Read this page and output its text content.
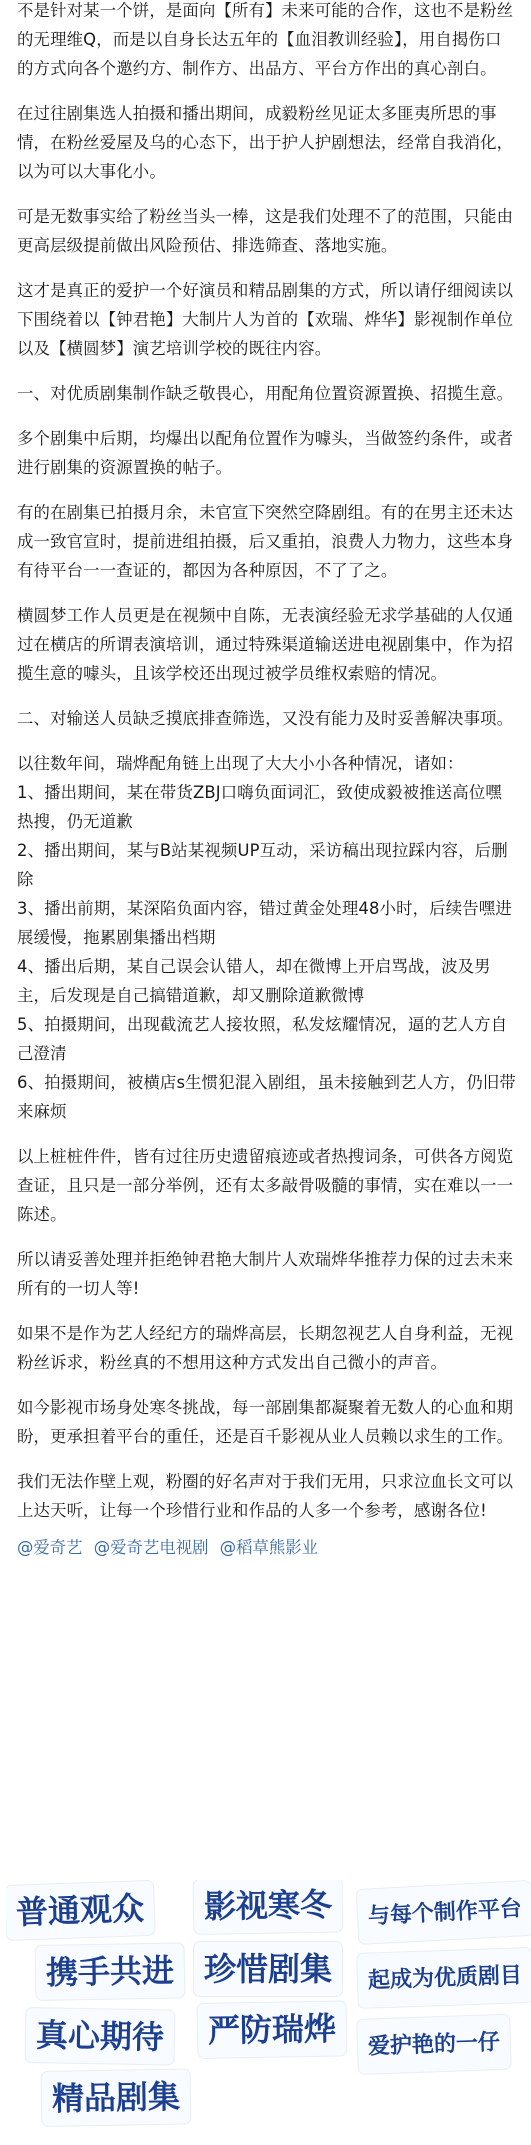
不是针对某一个饼，是面向【所有】未来可能的合作，这也不是粉丝的无理维Q，而是以自身长达五年的【血泪教训经验】，用自揭伤口的方式向各个邀约方、制作方、出品方、平台方作出的真心剖白。

在过往剧集选人拍摄和播出期间，成毅粉丝见证太多匪夷所思的事情，在粉丝爱屋及乌的心态下，出于护人护剧想法，经常自我消化，以为可以大事化小。

可是无数事实给了粉丝当头一棒，这是我们处理不了的范围，只能由更高层级提前做出风险预估、排选筛查、落地实施。

这才是真正的爱护一个好演员和精品剧集的方式，所以请仔细阅读以下围绕着以【钟君艳】大制片人为首的【欢瑞、烨华】影视制作单位以及【横圆梦】演艺培训学校的既往内容。

一、对优质剧集制作缺乏敬畏心，用配角位置资源置换、招揽生意。

多个剧集中后期，均爆出以配角位置作为噱头，当做签约条件，或者进行剧集的资源置换的帖子。

有的在剧集已拍摄月余，未官宣下突然空降剧组。有的在男主还未达成一致官宣时，提前进组拍摄，后又重拍，浪费人力物力，这些本身有待平台一一查证的，都因为各种原因，不了了之。

横圆梦工作人员更是在视频中自陈，无表演经验无求学基础的人仅通过在横店的所谓表演培训，通过特殊渠道输送进电视剧集中，作为招揽生意的噱头，且该学校还出现过被学员维权索赔的情况。

二、对输送人员缺乏摸底排查筛选，又没有能力及时妥善解决事项。

以往数年间，瑞烨配角链上出现了大大小小各种情况，诸如：
1、播出期间，某在带货ZBJ口嗨负面词汇，致使成毅被推送高位嘿热搜，仍无道歉
2、播出期间，某与B站某视频UP互动，采访稿出现拉踩内容，后删除
3、播出前期，某深陷负面内容，错过黄金处理48小时，后续告嘿进展缓慢，拖累剧集播出档期
4、播出后期，某自己误会认错人，却在微博上开启骂战，波及男主，后发现是自己搞错道歉，却又删除道歉微博
5、拍摄期间，出现截流艺人接妆照，私发炫耀情况，逼的艺人方自己澄清
6、拍摄期间，被横店s生惯犯混入剧组，虽未接触到艺人方，仍旧带来麻烦

以上桩桩件件，皆有过往历史遗留痕迹或者热搜词条，可供各方阅览查证，且只是一部分举例，还有太多敲骨吸髓的事情，实在难以一一陈述。

所以请妥善处理并拒绝钟君艳大制片人欢瑞烨华推荐力保的过去未来所有的一切人等!

如果不是作为艺人经纪方的瑞烨高层，长期忽视艺人自身利益，无视粉丝诉求，粉丝真的不想用这种方式发出自己微小的声音。

如今影视市场身处寒冬挑战，每一部剧集都凝聚着无数人的心血和期盼，更承担着平台的重任，还是百千影视从业人员赖以求生的工作。

我们无法作壁上观，粉圈的好名声对于我们无用，只求泣血长文可以上达天听，让每一个珍惜行业和作品的人多一个参考，感谢各位!

@爱奇艺 @爱奇艺电视剧 @稻草熊影业
普通观众	影视寒冬	与每个制作平台
携手共进 珍惜剧集	起成为优质剧目
真心期待	严防瑞烨	爱护艳的一仔
精品剧集
